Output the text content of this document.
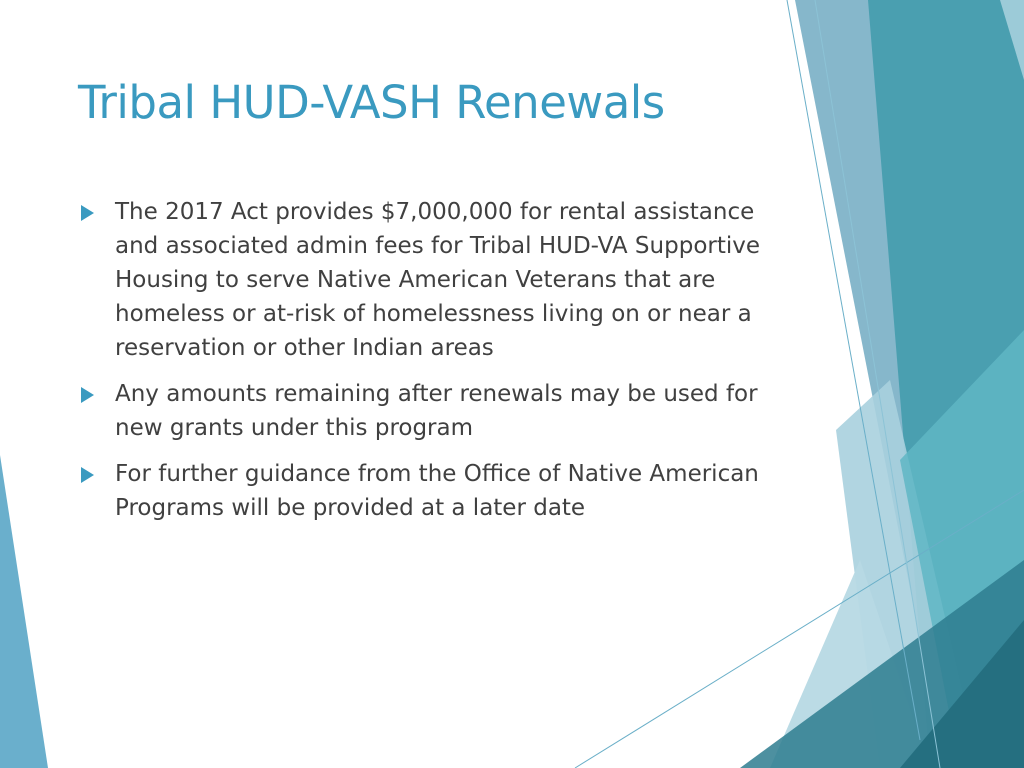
Tribal HUD-VASH Renewals
The 2017 Act provides $7,000,000 for rental assistance and associated admin fees for Tribal HUD-VA Supportive Housing to serve Native American Veterans that are homeless or at-risk of homelessness living on or near a reservation or other Indian areas
Any amounts remaining after renewals may be used for new grants under this program
For further guidance from the Office of Native American Programs will be provided at a later date
